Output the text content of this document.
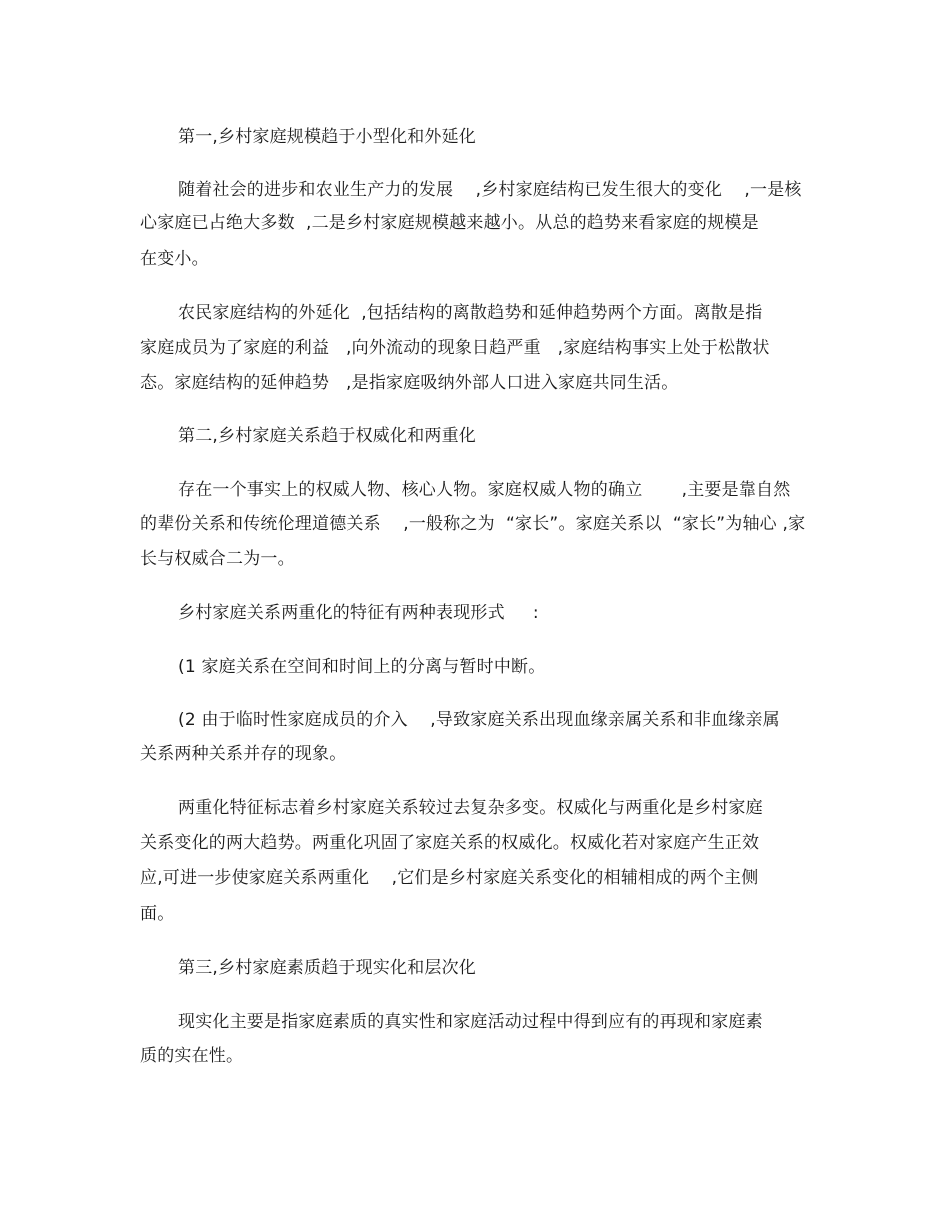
第一,乡村家庭规模趋于小型化和外延化
随着社会的进步和农业生产力的发展    ,乡村家庭结构已发生很大的变化    ,一是核
心家庭已占绝大多数  ,二是乡村家庭规模越来越小。从总的趋势来看家庭的规模是
在变小。
农民家庭结构的外延化  ,包括结构的离散趋势和延伸趋势两个方面。离散是指
家庭成员为了家庭的利益   ,向外流动的现象日趋严重   ,家庭结构事实上处于松散状
态。家庭结构的延伸趋势   ,是指家庭吸纳外部人口进入家庭共同生活。
第二,乡村家庭关系趋于权威化和两重化
存在一个事实上的权威人物、核心人物。家庭权威人物的确立       ,主要是靠自然
的辈份关系和传统伦理道德关系    ,一般称之为  “家长”。家庭关系以  “家长”为轴心 ,家
长与权威合二为一。
乡村家庭关系两重化的特征有两种表现形式     :
(1 家庭关系在空间和时间上的分离与暂时中断。
(2 由于临时性家庭成员的介入    ,导致家庭关系出现血缘亲属关系和非血缘亲属
关系两种关系并存的现象。
两重化特征标志着乡村家庭关系较过去复杂多变。权威化与两重化是乡村家庭
关系变化的两大趋势。两重化巩固了家庭关系的权威化。权威化若对家庭产生正效
应,可进一步使家庭关系两重化    ,它们是乡村家庭关系变化的相辅相成的两个主侧
面。
第三,乡村家庭素质趋于现实化和层次化
现实化主要是指家庭素质的真实性和家庭活动过程中得到应有的再现和家庭素
质的实在性。
